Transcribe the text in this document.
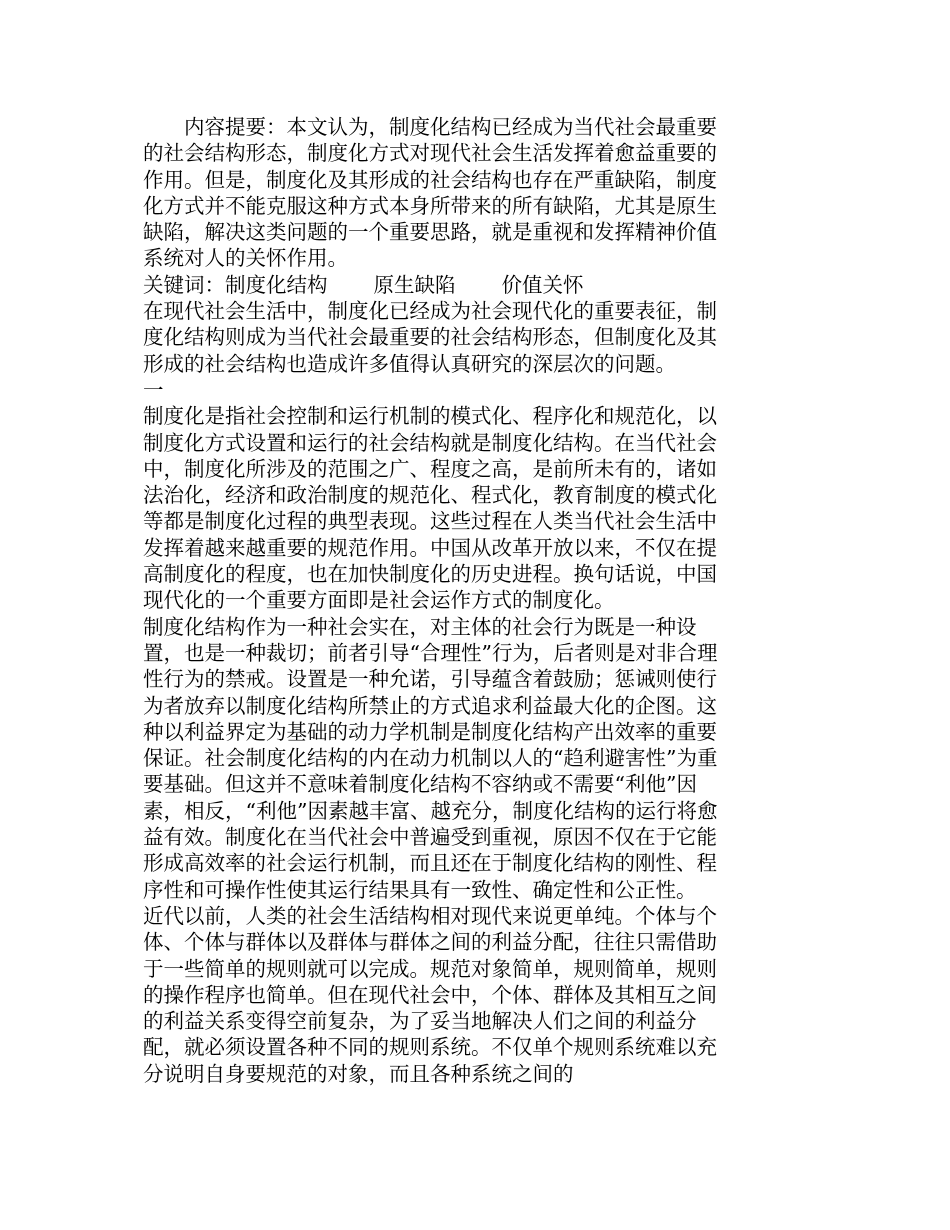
内容提要：本文认为，制度化结构已经成为当代社会最重要的社会结构形态，制度化方式对现代社会生活发挥着愈益重要的作用。但是，制度化及其形成的社会结构也存在严重缺陷，制度化方式并不能克服这种方式本身所带来的所有缺陷，尤其是原生缺陷，解决这类问题的一个重要思路，就是重视和发挥精神价值系统对人的关怀作用。

关键词：制度化结构 原生缺陷 价值关怀

在现代社会生活中，制度化已经成为社会现代化的重要表征，制度化结构则成为当代社会最重要的社会结构形态，但制度化及其形成的社会结构也造成许多值得认真研究的深层次的问题。

一

制度化是指社会控制和运行机制的模式化、程序化和规范化，以制度化方式设置和运行的社会结构就是制度化结构。在当代社会中，制度化所涉及的范围之广、程度之高，是前所未有的，诸如法治化，经济和政治制度的规范化、程式化，教育制度的模式化等都是制度化过程的典型表现。这些过程在人类当代社会生活中发挥着越来越重要的规范作用。中国从改革开放以来，不仅在提高制度化的程度，也在加快制度化的历史进程。换句话说，中国现代化的一个重要方面即是社会运作方式的制度化。

制度化结构作为一种社会实在，对主体的社会行为既是一种设置，也是一种裁切；前者引导“合理性”行为，后者则是对非合理性行为的禁戒。设置是一种允诺，引导蕴含着鼓励；惩诫则使行为者放弃以制度化结构所禁止的方式追求利益最大化的企图。这种以利益界定为基础的动力学机制是制度化结构产出效率的重要保证。社会制度化结构的内在动力机制以人的“趋利避害性”为重要基础。但这并不意味着制度化结构不容纳或不需要“利他”因素，相反，“利他”因素越丰富、越充分，制度化结构的运行将愈益有效。制度化在当代社会中普遍受到重视，原因不仅在于它能形成高效率的社会运行机制，而且还在于制度化结构的刚性、程序性和可操作性使其运行结果具有一致性、确定性和公正性。

近代以前，人类的社会生活结构相对现代来说更单纯。个体与个体、个体与群体以及群体与群体之间的利益分配，往往只需借助于一些简单的规则就可以完成。规范对象简单，规则简单，规则的操作程序也简单。但在现代社会中，个体、群体及其相互之间的利益关系变得空前复杂，为了妥当地解决人们之间的利益分配，就必须设置各种不同的规则系统。不仅单个规则系统难以充分说明自身要规范的对象，而且各种系统之间的
